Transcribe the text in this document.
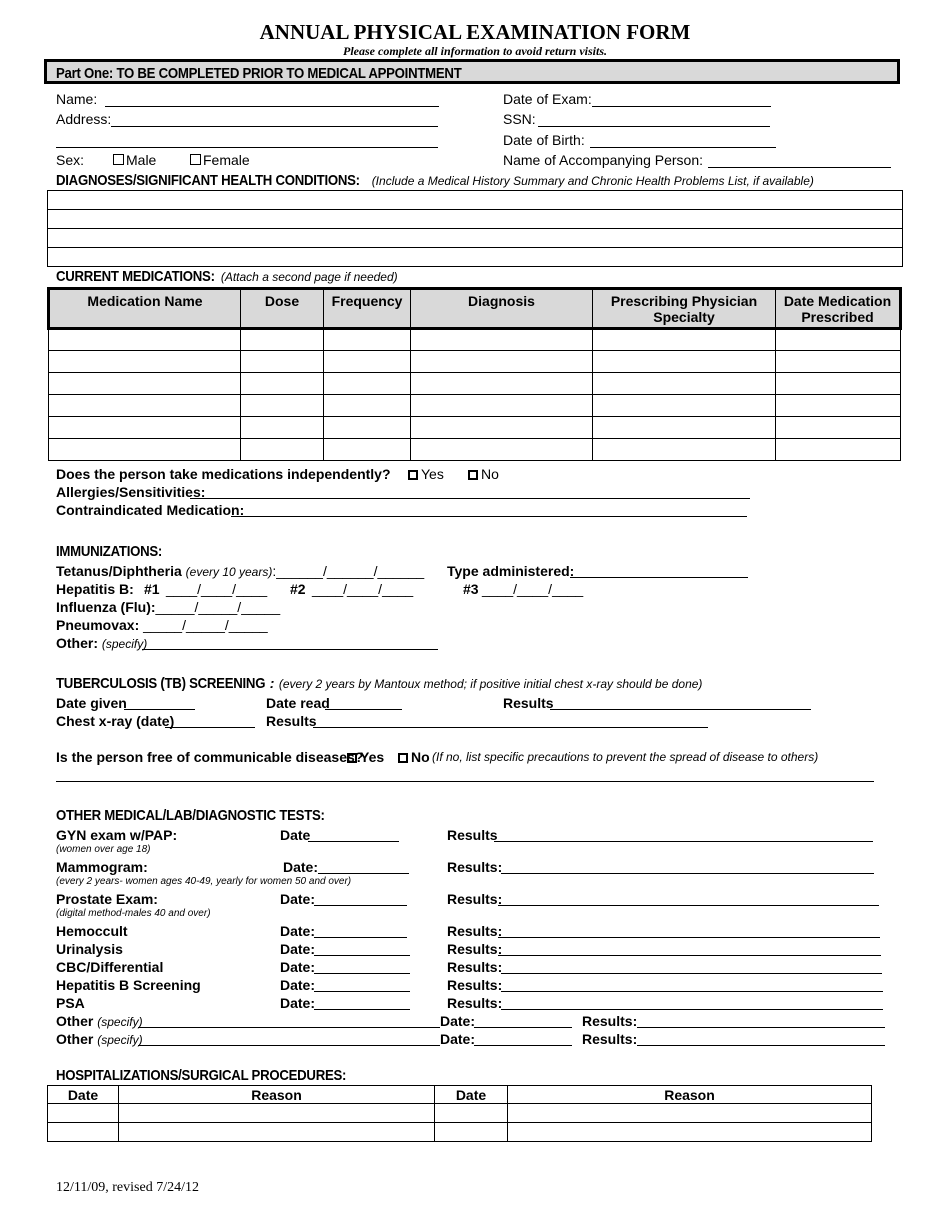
ANNUAL PHYSICAL EXAMINATION FORM
Please complete all information to avoid return visits.
Part One: TO BE COMPLETED PRIOR TO MEDICAL APPOINTMENT
Name:
Address:
Sex:	Male	Female
Date of Exam:
SSN:
Date of Birth:
Name of Accompanying Person:
DIAGNOSES/SIGNIFICANT HEALTH CONDITIONS: (Include a Medical History Summary and Chronic Health Problems List, if available)

CURRENT MEDICATIONS: (Attach a second page if needed)
Medication Name	Dose	Frequency	Diagnosis	Prescribing Physician Specialty	Date Medication Prescribed

Does the person take medications independently?	Yes	No
Allergies/Sensitivities:
Contraindicated Medication:
IMMUNIZATIONS:
Tetanus/Diphtheria (every 10 years):______/______/______ Type administered:
Hepatitis B: #1 ____/____/____ #2 ____/____/____	#3 ____/____/____
Influenza (Flu):_____/_____/_____
Pneumovax: _____/_____/_____
Other: (specify)
TUBERCULOSIS (TB) SCREENING : (every 2 years by Mantoux method; if positive initial chest x-ray should be done)
Date given	Date read	Results
Chest x-ray (date)	Results
Is the person free of communicable diseases?
Yes	No (If no, list specific precautions to prevent the spread of disease to others)
OTHER MEDICAL/LAB/DIAGNOSTIC TESTS:
GYN exam w/PAP:
(women over age 18)
Date	Results
Mammogram:
(every 2 years- women ages 40-49, yearly for women 50 and over)
Date:	Results:
Prostate Exam:
(digital method-males 40 and over)
Date:	Results:
Hemoccult	Date:	Results:
Urinalysis	Date:	Results:
CBC/Differential	Date:	Results:
Hepatitis B Screening	Date:	Results:
PSA	Date:	Results:
Other (specify)	Date:	Results:
Other (specify)	Date:	Results:
HOSPITALIZATIONS/SURGICAL PROCEDURES:
Date	Reason	Date	Reason

12/11/09, revised 7/24/12
